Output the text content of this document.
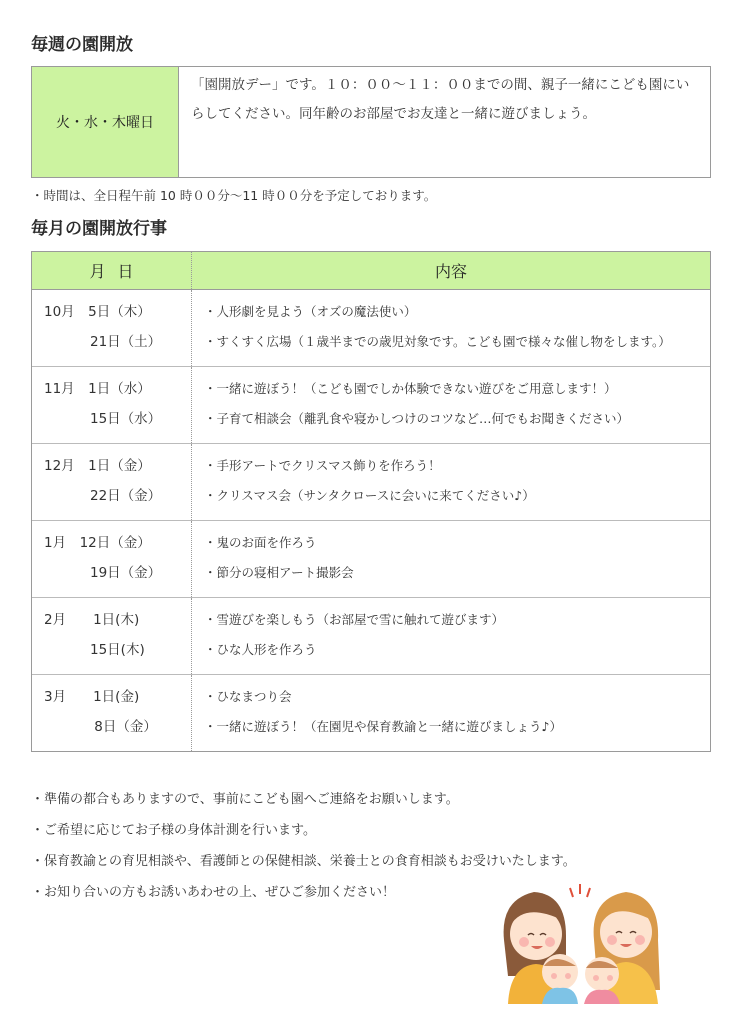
毎週の園開放
火・水・木曜日
「園開放デー」です。１０：００～１１：００までの間、親子一緒にこども園にいらしてください。同年齢のお部屋でお友達と一緒に遊びましょう。
・時間は、全日程午前 10 時００分～11 時００分を予定しております。
毎月の園開放行事
月日	内容
10月　5日（木）
21日（土）
・人形劇を見よう（オズの魔法使い）
・すくすく広場（１歳半までの歳児対象です。こども園で様々な催し物をします。）
11月　1日（水）
15日（水）
・一緒に遊ぼう！（こども園でしか体験できない遊びをご用意します！）
・子育て相談会（離乳食や寝かしつけのコツなど…何でもお聞きください）
12月　1日（金）
22日（金）
・手形アートでクリスマス飾りを作ろう！
・クリスマス会（サンタクロースに会いに来てください♪）
1月　12日（金）
19日（金）
・鬼のお面を作ろう
・節分の寝相アート撮影会
2月　　1日(木)
15日(木)
・雪遊びを楽しもう（お部屋で雪に触れて遊びます）
・ひな人形を作ろう
3月　　1日(金)
8日（金）
・ひなまつり会
・一緒に遊ぼう！（在園児や保育教諭と一緒に遊びましょう♪）
・準備の都合もありますので、事前にこども園へご連絡をお願いします。
・ご希望に応じてお子様の身体計測を行います。
・保育教諭との育児相談や、看護師との保健相談、栄養士との食育相談もお受けいたします。
・お知り合いの方もお誘いあわせの上、ぜひご参加ください！
